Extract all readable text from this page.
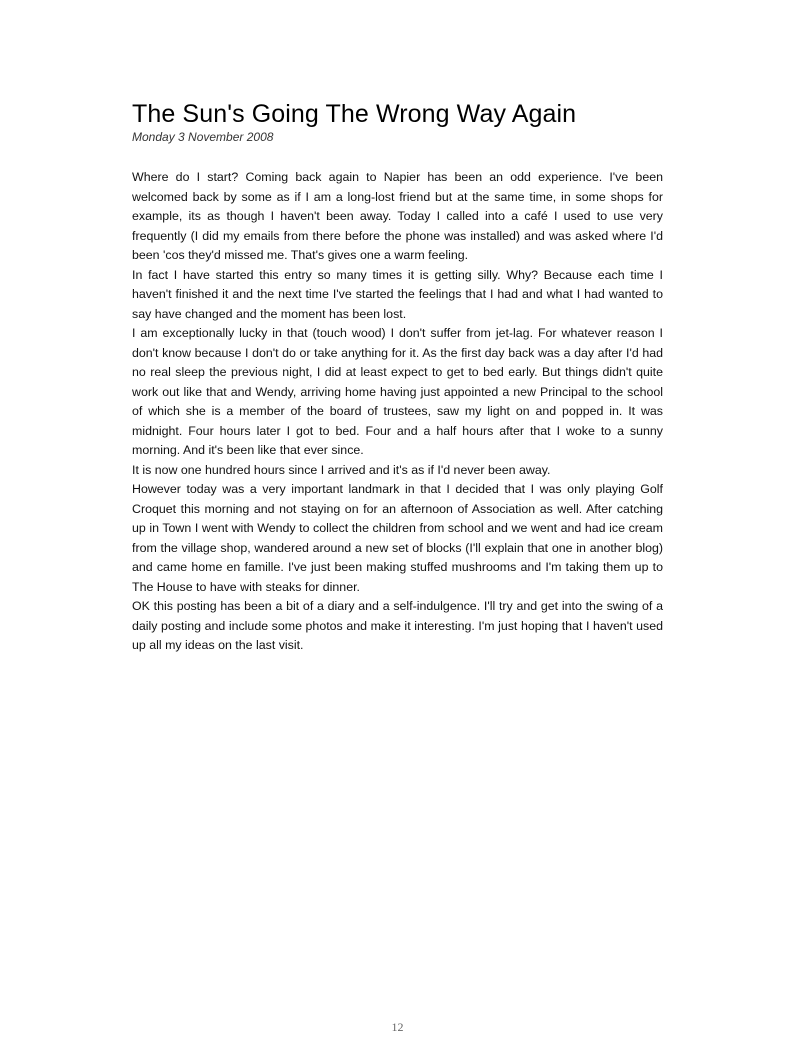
The Sun's Going The Wrong Way Again

Monday 3 November 2008

Where do I start? Coming back again to Napier has been an odd experience. I've been welcomed back by some as if I am a long-lost friend but at the same time, in some shops for example, its as though I haven't been away. Today I called into a café I used to use very frequently (I did my emails from there before the phone was installed) and was asked where I'd been 'cos they'd missed me. That's gives one a warm feeling.

In fact I have started this entry so many times it is getting silly. Why? Because each time I haven't finished it and the next time I've started the feelings that I had and what I had wanted to say have changed and the moment has been lost.

I am exceptionally lucky in that (touch wood) I don't suffer from jet-lag. For whatever reason I don't know because I don't do or take anything for it. As the first day back was a day after I'd had no real sleep the previous night, I did at least expect to get to bed early. But things didn't quite work out like that and Wendy, arriving home having just appointed a new Principal to the school of which she is a member of the board of trustees, saw my light on and popped in. It was midnight. Four hours later I got to bed. Four and a half hours after that I woke to a sunny morning. And it's been like that ever since.

It is now one hundred hours since I arrived and it's as if I'd never been away.

However today was a very important landmark in that I decided that I was only playing Golf Croquet this morning and not staying on for an afternoon of Association as well. After catching up in Town I went with Wendy to collect the children from school and we went and had ice cream from the village shop, wandered around a new set of blocks (I'll explain that one in another blog) and came home en famille. I've just been making stuffed mushrooms and I'm taking them up to The House to have with steaks for dinner.

OK this posting has been a bit of a diary and a self-indulgence. I'll try and get into the swing of a daily posting and include some photos and make it interesting. I'm just hoping that I haven't used up all my ideas on the last visit.

12
